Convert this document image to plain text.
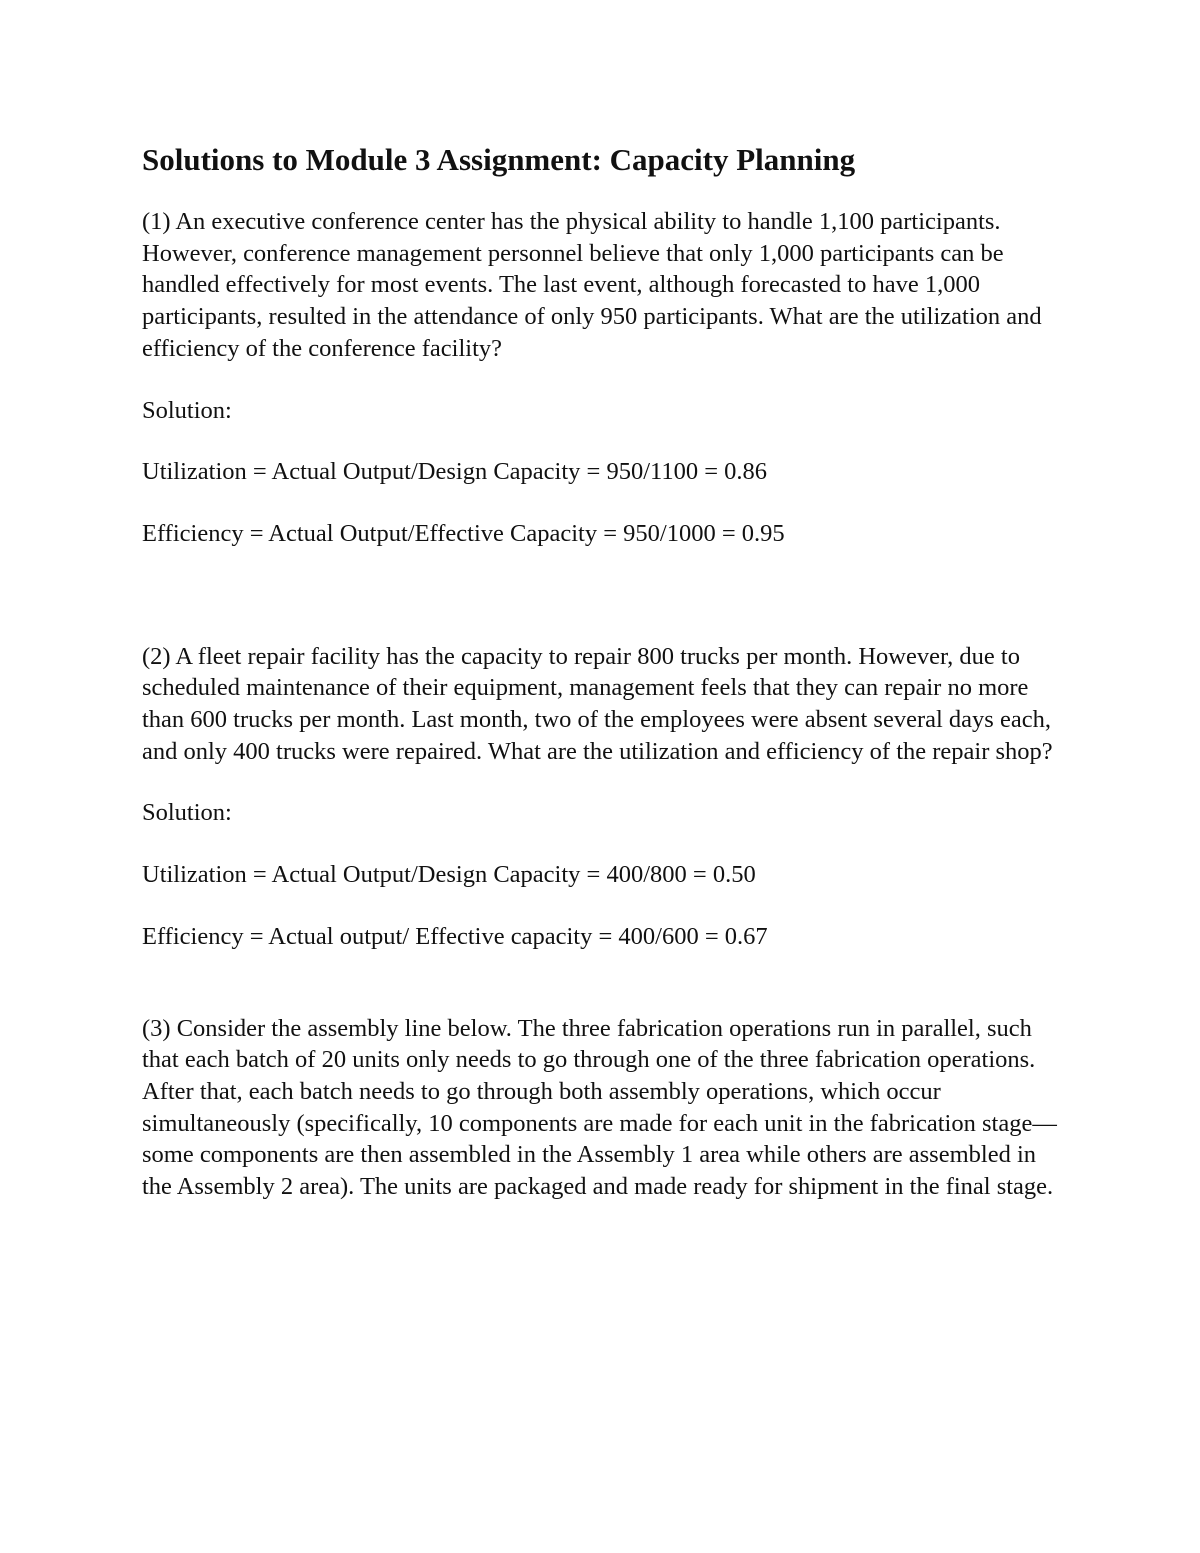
Solutions to Module 3 Assignment: Capacity Planning

(1) An executive conference center has the physical ability to handle 1,100 participants. However, conference management personnel believe that only 1,000 participants can be handled effectively for most events. The last event, although forecasted to have 1,000 participants, resulted in the attendance of only 950 participants. What are the utilization and efficiency of the conference facility?

Solution:

Utilization = Actual Output/Design Capacity = 950/1100 = 0.86

Efficiency = Actual Output/Effective Capacity = 950/1000 = 0.95

(2) A fleet repair facility has the capacity to repair 800 trucks per month. However, due to scheduled maintenance of their equipment, management feels that they can repair no more than 600 trucks per month. Last month, two of the employees were absent several days each, and only 400 trucks were repaired. What are the utilization and efficiency of the repair shop?

Solution:

Utilization = Actual Output/Design Capacity = 400/800 = 0.50

Efficiency = Actual output/ Effective capacity = 400/600 = 0.67

(3) Consider the assembly line below. The three fabrication operations run in parallel, such that each batch of 20 units only needs to go through one of the three fabrication operations. After that, each batch needs to go through both assembly operations, which occur simultaneously (specifically, 10 components are made for each unit in the fabrication stage—some components are then assembled in the Assembly 1 area while others are assembled in the Assembly 2 area). The units are packaged and made ready for shipment in the final stage.
